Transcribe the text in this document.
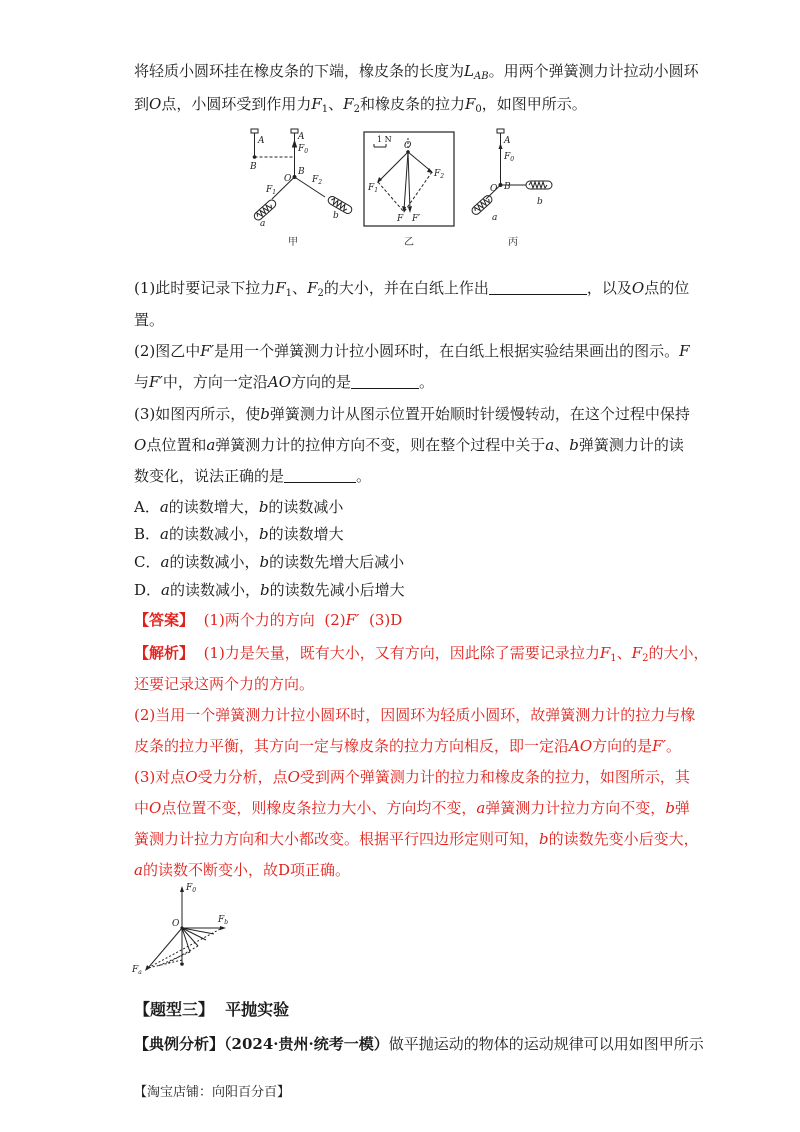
将轻质小圆环挂在橡皮条的下端，橡皮条的长度为$L_{AB}$。用两个弹簧测力计拉动小圆环
到O点，小圆环受到作用力$F_1$、$F_2$和橡皮条的拉力$F_0$，如图甲所示。
A	A
B
$F_0$
O
B
$F_1$
$F_2$
a
b
甲
1 N
O
$F_1$
$F_2$
F F′
乙
A
$F_0$
B
O
a
b
丙
(1)此时要记录下拉力$F_1$、$F_2$的大小，并在白纸上作出	，以及O点的位
置。
(2)图乙中F′是用一个弹簧测力计拉小圆环时，在白纸上根据实验结果画出的图示。F
与F′中，方向一定沿AO方向的是	。
(3)如图丙所示，使b弹簧测力计从图示位置开始顺时针缓慢转动，在这个过程中保持
O点位置和a弹簧测力计的拉伸方向不变，则在整个过程中关于a、b弹簧测力计的读
数变化，说法正确的是	。
A．a的读数增大，b的读数减小
B．a的读数减小，b的读数增大
C．a的读数减小，b的读数先增大后减小
D．a的读数减小，b的读数先减小后增大
【答案】 (1)两个力的方向 (2)F′ (3)D
【解析】 (1)力是矢量，既有大小，又有方向，因此除了需要记录拉力$F_1$、$F_2$的大小，
还要记录这两个力的方向。
(2)当用一个弹簧测力计拉小圆环时，因圆环为轻质小圆环，故弹簧测力计的拉力与橡
皮条的拉力平衡，其方向一定与橡皮条的拉力方向相反，即一定沿AO方向的是F′。
(3)对点O受力分析，点O受到两个弹簧测力计的拉力和橡皮条的拉力，如图所示，其
中O点位置不变，则橡皮条拉力大小、方向均不变，a弹簧测力计拉力方向不变，b弹
簧测力计拉力方向和大小都改变。根据平行四边形定则可知，b的读数先变小后变大，
a的读数不断变小，故D项正确。
$F_0$
O	$F_b$
$F_a$
【题型三】 平抛实验
【典例分析】（2024·贵州·统考一模）做平抛运动的物体的运动规律可以用如图甲所示
【淘宝店铺：向阳百分百】
